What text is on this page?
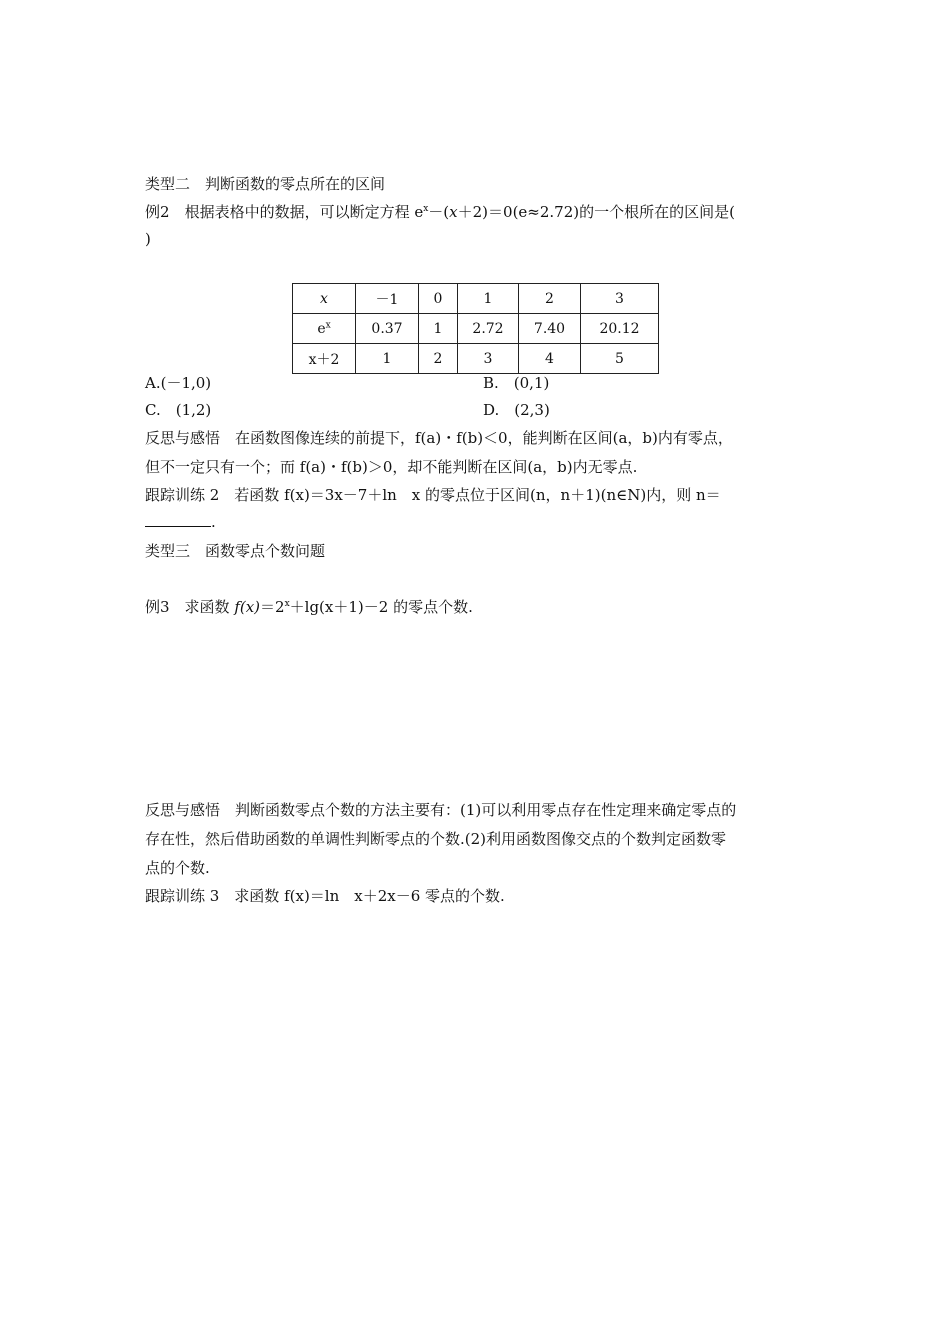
类型二　判断函数的零点所在的区间
例2　 根据表格中的数据，可以断定方程 $e^x-(x+2)=0(e\approx 2.72)$的一个根所在的区间是(
)
x	－1	0	1	2	3
$e^x$	0.37	1	2.72	7.40	20.12
x＋2	1	2	3	4	5
A.(－1,0)	B.　(0,1)
C.　(1,2)	D.　(2,3)
反思与感悟　在函数图像连续的前提下，f(a)・f(b)＜0，能判断在区间(a，b)内有零点，
但不一定只有一个；而 f(a)・f(b)＞0，却不能判断在区间(a，b)内无零点.
跟踪训练 2　若函数 f(x)＝3x－7＋ln　x 的零点位于区间(n，n＋1)(n∈N)内，则 n＝
.
类型三　函数零点个数问题
例3　求函数 $f(x)=2^x+\lg(x+1)-2$ 的零点个数.
反思与感悟　判断函数零点个数的方法主要有：(1)可以利用零点存在性定理来确定零点的
存在性，然后借助函数的单调性判断零点的个数.(2)利用函数图像交点的个数判定函数零
点的个数.
跟踪训练 3　求函数 f(x)＝ln　x＋2x－6 零点的个数.
